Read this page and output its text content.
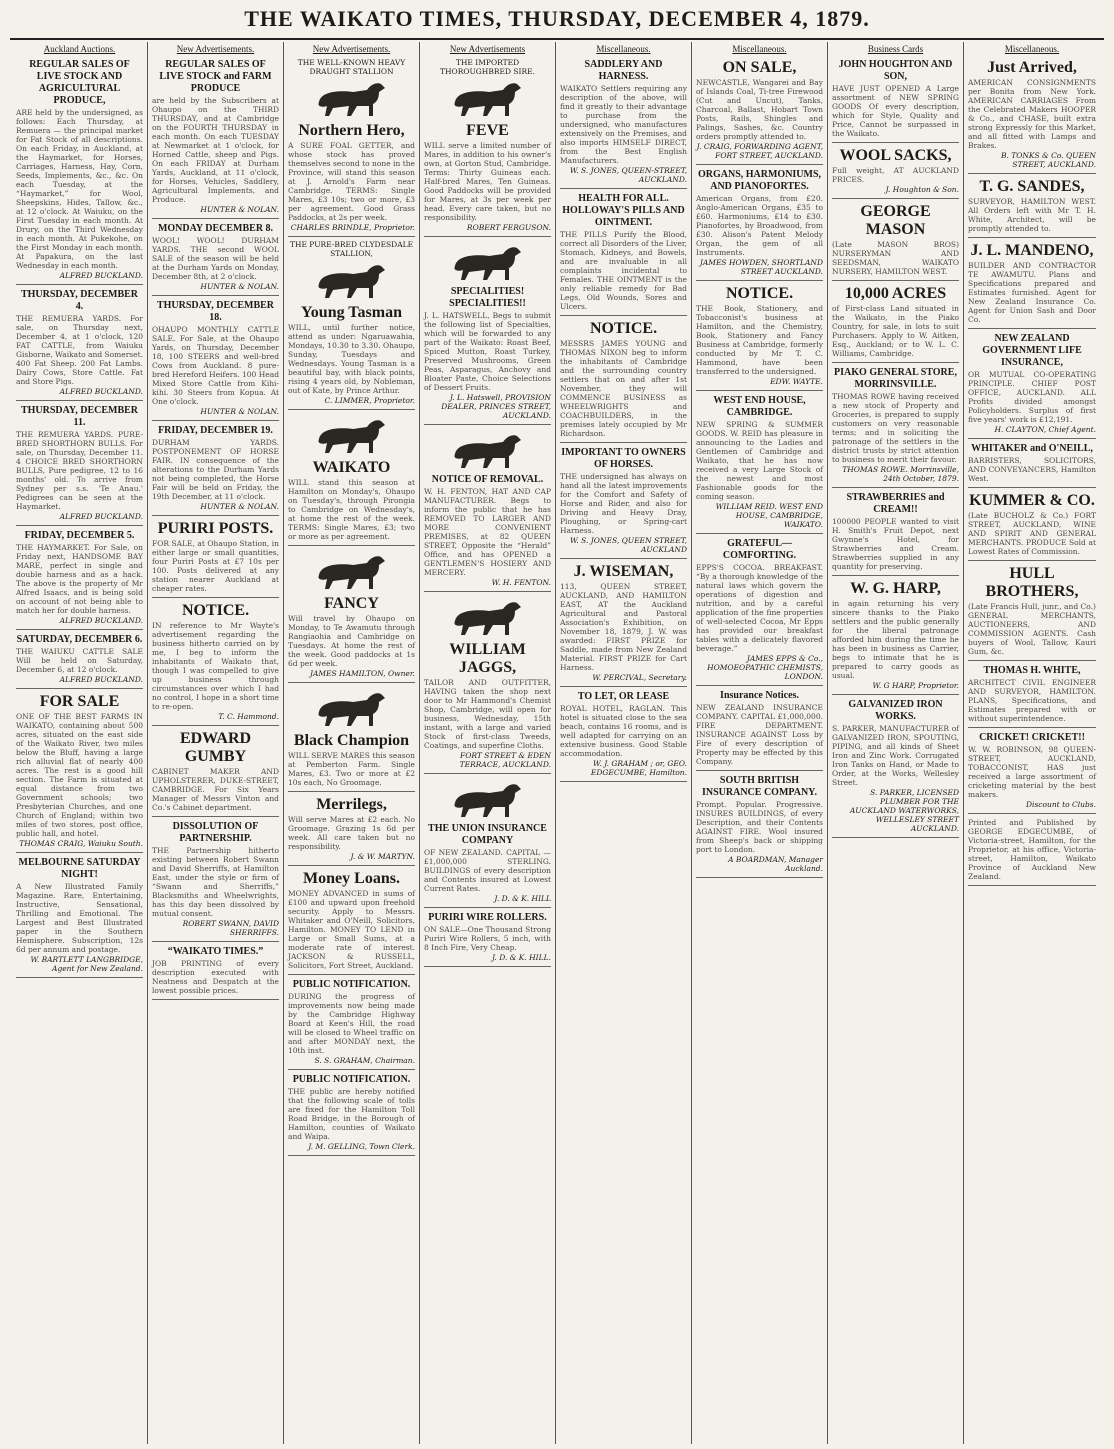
THE WAIKATO TIMES, THURSDAY, DECEMBER 4, 1879.
Auckland Auctions.
REGULAR SALES OF LIVE STOCK AND AGRICULTURAL PRODUCE,

ARE held by the undersigned, as follows: Each Thursday, at Remuera — the principal market for Fat Stock of all descriptions. On each Friday, in Auckland, at the Haymarket, for Horses, Carriages, Harness, Hay, Corn, Seeds, Implements, &c., &c. On each Tuesday, at the “Haymarket,” for Wool, Sheepskins, Hides, Tallow, &c., at 12 o'clock. At Waiuku, on the First Tuesday in each month. At Drury, on the Third Wednesday in each month. At Pukekohe, on the First Monday in each month. At Papakura, on the last Wednesday in each month.

ALFRED BUCKLAND.

THURSDAY, DECEMBER 4.

THE REMUERA YARDS. For sale, on Thursday next, December 4, at 1 o'clock, 120 FAT CATTLE, from Waiuku Gisborne, Waikato and Somerset. 400 Fat Sheep. 200 Fat Lambs. Dairy Cows, Store Cattle. Fat and Store Pigs.

ALFRED BUCKLAND.

THURSDAY, DECEMBER 11.

THE REMUERA YARDS. PURE-BRED SHORTHORN BULLS. For sale, on Thursday, December 11. 4 CHOICE BRED SHORTHORN BULLS, Pure pedigree, 12 to 16 months' old. To arrive from Sydney per s.s. 'Te Anau.' Pedigrees can be seen at the Haymarket.

ALFRED BUCKLAND.

FRIDAY, DECEMBER 5.

THE HAYMARKET. For Sale, on Friday next, HANDSOME BAY MARE, perfect in single and double harness and as a hack. The above is the property of Mr Alfred Isaacs, and is being sold on account of not being able to match her for double harness.

ALFRED BUCKLAND.

SATURDAY, DECEMBER 6.

THE WAIUKU CATTLE SALE Will be held on Saturday, December 6, at 12 o'clock.

ALFRED BUCKLAND.

FOR SALE

ONE OF THE BEST FARMS IN WAIKATO, containing about 500 acres, situated on the east side of the Waikato River, two miles below the Bluff, having a large rich alluvial flat of nearly 400 acres. The rest is a good hill section. The Farm is situated at equal distance from two Government schools; two Presbyterian Churches, and one Church of England; within two miles of two stores, post office, public hall, and hotel.

THOMAS CRAIG, Waiuku South.

MELBOURNE SATURDAY NIGHT!

A New Illustrated Family Magazine. Rare, Entertaining, Instructive, Sensational, Thrilling and Emotional. The Largest and Best Illustrated paper in the Southern Hemisphere. Subscription, 12s 6d per annum and postage.

W. BARTLETT LANGBRIDGE, Agent for New Zealand.

New Advertisements.
REGULAR SALES OF LIVE STOCK and FARM PRODUCE

are held by the Subscribers at Ohaupo on the THIRD THURSDAY, and at Cambridge on the FOURTH THURSDAY in each month. On each TUESDAY at Newmarket at 1 o'clock, for Horned Cattle, sheep and Pigs. On each FRIDAY at Durham Yards, Auckland, at 11 o'clock, for Horses, Vehicles, Saddlery, Agricultural Implements, and Produce.

HUNTER & NOLAN.

MONDAY DECEMBER 8.

WOOL! WOOL! DURHAM YARDS. THE second WOOL SALE of the season will be held at the Durham Yards on Monday, December 8th, at 2 o'clock.

HUNTER & NOLAN.

THURSDAY, DECEMBER 18.

OHAUPO MONTHLY CATTLE SALE. For Sale, at the Ohaupo Yards, on Thursday, December 18, 100 STEERS and well-bred Cows from Auckland. 8 pure-bred Hereford Heifers. 100 Head Mixed Store Cattle from Kihi-kihi. 30 Steers from Kopua. At One o'clock.

HUNTER & NOLAN.

FRIDAY, DECEMBER 19.

DURHAM YARDS. POSTPONEMENT OF HORSE FAIR. IN consequence of the alterations to the Durham Yards not being completed, the Horse Fair will be held on Friday, the 19th December, at 11 o'clock.

HUNTER & NOLAN.

PURIRI POSTS.

FOR SALE, at Ohaupo Station, in either large or small quantities, four Puriri Posts at £7 10s per 100. Posts delivered at any station nearer Auckland at cheaper rates.

NOTICE.

IN reference to Mr Wayte's advertisement regarding the business hitherto carried on by me, I beg to inform the inhabitants of Waikato that, though I was compelled to give up business through circumstances over which I had no control, I hope in a short time to re-open.

T. C. Hammond.

EDWARD GUMBY

CABINET MAKER AND UPHOLSTERER, DUKE-STREET, CAMBRIDGE. For Six Years Manager of Messrs Vinton and Co.'s Cabinet department.

DISSOLUTION OF PARTNERSHIP.

THE Partnership hitherto existing between Robert Swann and David Sherriffs, at Hamilton East, under the style or firm of “Swann and Sherriffs,” Blacksmiths and Wheelwrights, has this day been dissolved by mutual consent.

ROBERT SWANN, DAVID SHERRIFFS.

“WAIKATO TIMES.”

JOB PRINTING of every description executed with Neatness and Despatch at the lowest possible prices.

New Advertisements.
THE WELL-KNOWN HEAVY DRAUGHT STALLION
Northern Hero,

A SURE FOAL GETTER, and whose stock has proved themselves second to none in the Province, will stand this season at J. Arnold's Farm near Cambridge. TERMS: Single Mares, £3 10s; two or more, £3 per agreement. Good Grass Paddocks, at 2s per week.

CHARLES BRINDLE, Proprietor.

THE PURE-BRED CLYDESDALE STALLION,
Young Tasman

WILL, until further notice, attend as under: Ngaruawahia, Mondays, 10.30 to 3.30. Ohaupo, Sunday, Tuesdays and Wednesdays. Young Tasman is a beautiful bay, with black points, rising 4 years old, by Nobleman, out of Kate, by Prince Arthur.

C. LIMMER, Proprietor.

WAIKATO

WILL stand this season at Hamilton on Monday's, Ohaupo on Tuesday's, through Pirongia to Cambridge on Wednesday's, at home the rest of the week. TERMS: Single Mares, £3; two or more as per agreement.

FANCY

Will travel by Ohaupo on Monday, to Te Awamutu through Rangiaohia and Cambridge on Tuesdays. At home the rest of the week. Good paddocks at 1s 6d per week.

JAMES HAMILTON, Owner.

Black Champion

WILL SERVE MARES this season at Pemberton Farm. Single Mares, £3. Two or more at £2 10s each, No Groomage.

Merrilegs,

Will serve Mares at £2 each. No Groomage. Grazing 1s 6d per week. All care taken but no responsibility.

J. & W. MARTYN.

Money Loans.

MONEY ADVANCED in sums of £100 and upward upon freehold security. Apply to Messrs. Whitaker and O'Neill, Solicitors, Hamilton. MONEY TO LEND in Large or Small Sums, at a moderate rate of interest. JACKSON & RUSSELL, Solicitors, Fort Street, Auckland.

PUBLIC NOTIFICATION.

DURING the progress of improvements now being made by the Cambridge Highway Board at Keen's Hill, the road will be closed to Wheel traffic on and after MONDAY next, the 10th inst.

S. S. GRAHAM, Chairman.

PUBLIC NOTIFICATION.

THE public are hereby notified that the following scale of tolls are fixed for the Hamilton Toll Road Bridge, in the Borough of Hamilton, counties of Waikato and Waipa.

J. M. GELLING, Town Clerk.

New Advertisements
THE IMPORTED THOROUGHBRED SIRE.
FEVE

WILL serve a limited number of Mares, in addition to his owner's own, at Gorton Stud, Cambridge. Terms: Thirty Guineas each. Half-bred Mares, Ten Guineas. Good Paddocks will be provided for Mares, at 3s per week per head. Every care taken, but no responsibility.

ROBERT FERGUSON.

SPECIALITIES! SPECIALITIES!!

J. L. HATSWELL, Begs to submit the following list of Specialties, which will be forwarded to any part of the Waikato: Roast Beef, Spiced Mutton, Roast Turkey, Preserved Mushrooms, Green Peas, Asparagus, Anchovy and Bloater Paste, Choice Selections of Dessert Fruits.

J. L. Hatswell, PROVISION DEALER, PRINCES STREET, AUCKLAND.

NOTICE OF REMOVAL.

W. H. FENTON, HAT AND CAP MANUFACTURER. Begs to inform the public that he has REMOVED TO LARGER AND MORE CONVENIENT PREMISES, at 82 QUEEN STREET, Opposite the “Herald” Office, and has OPENED a GENTLEMEN'S HOSIERY AND MERCERY.

W. H. FENTON.

WILLIAM JAGGS,

TAILOR AND OUTFITTER, HAVING taken the shop next door to Mr Hammond's Chemist Shop, Cambridge, will open for business, Wednesday, 15th instant, with a large and varied Stock of first-class Tweeds, Coatings, and superfine Cloths.

FORT STREET & EDEN TERRACE, AUCKLAND.

THE UNION INSURANCE COMPANY

OF NEW ZEALAND. CAPITAL — £1,000,000 STERLING. BUILDINGS of every description and Contents insured at Lowest Current Rates.

J. D. & K. HILL

PURIRI WIRE ROLLERS.

ON SALE—One Thousand Strong Puriri Wire Rollers, 5 inch, with 8 Inch Fire, Very Cheap.

J. D. & K. HILL.

Miscellaneous.
SADDLERY AND HARNESS.

WAIKATO Settlers requiring any description of the above, will find it greatly to their advantage to purchase from the undersigned, who manufactures extensively on the Premises, and also imports HIMSELF DIRECT, from the Best English Manufacturers.

W. S. JONES, QUEEN-STREET, AUCKLAND.

HEALTH FOR ALL. HOLLOWAY'S PILLS AND OINTMENT.

THE PILLS Purify the Blood, correct all Disorders of the Liver, Stomach, Kidneys, and Bowels, and are invaluable in all complaints incidental to Females. THE OINTMENT is the only reliable remedy for Bad Legs, Old Wounds, Sores and Ulcers.

NOTICE.

MESSRS JAMES YOUNG and THOMAS NIXON beg to inform the inhabitants of Cambridge and the surrounding country settlers that on and after 1st November, they will COMMENCE BUSINESS as WHEELWRIGHTS and COACHBUILDERS, in the premises lately occupied by Mr Richardson.

IMPORTANT TO OWNERS OF HORSES.

THE undersigned has always on hand all the latest improvements for the Comfort and Safety of Horse and Rider, and also for Driving and Heavy Dray, Ploughing, or Spring-cart Harness.

W. S. JONES, QUEEN STREET, AUCKLAND

J. WISEMAN,

113, QUEEN STREET, AUCKLAND, AND HAMILTON EAST, AT the Auckland Agricultural and Pastoral Association's Exhibition, on November 18, 1879, J. W. was awarded: FIRST PRIZE for Saddle, made from New Zealand Material. FIRST PRIZE for Cart Harness.

W. PERCIVAL, Secretary.

TO LET, OR LEASE

ROYAL HOTEL, RAGLAN. This hotel is situated close to the sea beach, contains 16 rooms, and is well adapted for carrying on an extensive business. Good Stable accommodation.

W. J. GRAHAM ; or, GEO. EDGECUMBE, Hamilton.

Miscellaneous.
ON SALE,

NEWCASTLE, Wangarei and Bay of Islands Coal, Ti-tree Firewood (Cut and Uncut), Tanks, Charcoal, Ballast, Hobart Town Posts, Rails, Shingles and Palings, Sashes, &c. Country orders promptly attended to.

J. CRAIG, FORWARDING AGENT, FORT STREET, AUCKLAND.

ORGANS, HARMONIUMS, AND PIANOFORTES.

American Organs, from £20. Anglo-American Organs, £35 to £60. Harmoniums, £14 to £30. Pianofortes, by Broadwood, from £30. Alison's Patent Melody Organ, the gem of all Instruments.

JAMES HOWDEN, SHORTLAND STREET AUCKLAND.

NOTICE.

THE Book, Stationery, and Tobacconist's business at Hamilton, and the Chemistry, Book, Stationery and Fancy Business at Cambridge, formerly conducted by Mr T. C. Hammond, have been transferred to the undersigned.

EDW. WAYTE.

WEST END HOUSE, CAMBRIDGE.

NEW SPRING & SUMMER GOODS. W. REID has pleasure in announcing to the Ladies and Gentlemen of Cambridge and Waikato, that he has now received a very Large Stock of the newest and most Fashionable goods for the coming season.

WILLIAM REID. WEST END HOUSE, CAMBRIDGE, WAIKATO.

GRATEFUL—COMFORTING.

EPPS'S COCOA. BREAKFAST. “By a thorough knowledge of the natural laws which govern the operations of digestion and nutrition, and by a careful application of the fine properties of well-selected Cocoa, Mr Epps has provided our breakfast tables with a delicately flavored beverage.”

JAMES EPPS & Co., HOMOEOPATHIC CHEMISTS, LONDON.

Insurance Notices.

NEW ZEALAND INSURANCE COMPANY. CAPITAL £1,000,000. FIRE DEPARTMENT. INSURANCE AGAINST Loss by Fire of every description of Property may be effected by this Company.

SOUTH BRITISH INSURANCE COMPANY.

Prompt. Popular. Progressive. INSURES BUILDINGS, of every Description, and their Contents AGAINST FIRE. Wool insured from Sheep's back or shipping port to London.

A BOARDMAN, Manager Auckland.

Business Cards
JOHN HOUGHTON AND SON,

HAVE JUST OPENED A Large assortment of NEW SPRING GOODS Of every description, which for Style, Quality and Price, Cannot be surpassed in the Waikato.

WOOL SACKS,

Full weight, AT AUCKLAND PRICES.

J. Houghton & Son.

GEORGE MASON

(Late MASON BROS) NURSERYMAN AND SEEDSMAN, WAIKATO NURSERY, HAMILTON WEST.

10,000 ACRES

of First-class Land situated in the Waikato, in the Piako Country, for sale, in lots to suit Purchasers. Apply to W. Aitken, Esq., Auckland; or to W. L. C. Williams, Cambridge.

PIAKO GENERAL STORE, MORRINSVILLE.

THOMAS ROWE having received a new stock of Property and Groceries, is prepared to supply customers on very reasonable terms; and in soliciting the patronage of the settlers in the district trusts by strict attention to business to merit their favour.

THOMAS ROWE. Morrinsville, 24th October, 1879.

STRAWBERRIES and CREAM!!

100000 PEOPLE wanted to visit H. Smith's Fruit Depot, next Gwynne's Hotel, for Strawberries and Cream. Strawberries supplied in any quantity for preserving.

W. G. HARP,

in again returning his very sincere thanks to the Piako settlers and the public generally for the liberal patronage afforded him during the time he has been in business as Carrier, begs to intimate that he is prepared to carry goods as usual.

W. G HARP, Proprietor.

GALVANIZED IRON WORKS.

S. PARKER, MANUFACTURER of GALVANIZED IRON, SPOUTING, PIPING, and all kinds of Sheet Iron and Zinc Work. Corrugated Iron Tanks on Hand, or Made to Order, at the Works, Wellesley Street.

S. PARKER, LICENSED PLUMBER FOR THE AUCKLAND WATERWORKS, WELLESLEY STREET AUCKLAND.

Miscellaneous.
Just Arrived,

AMERICAN CONSIGNMENTS per Bonita from New York. AMERICAN CARRIAGES From the Celebrated Makers HOOPER & Co., and CHASE, built extra strong Expressly for this Market, and all fitted with Lamps and Brakes.

B. TONKS & Co. QUEEN STREET, AUCKLAND.

T. G. SANDES,

SURVEYOR, HAMILTON WEST. All Orders left with Mr T. H. White, Architect, will be promptly attended to.

J. L. MANDENO,

BUILDER AND CONTRACTOR TE AWAMUTU. Plans and Specifications prepared and Estimates furnished. Agent for New Zealand Insurance Co. Agent for Union Sash and Door Co.

NEW ZEALAND GOVERNMENT LIFE INSURANCE,

OR MUTUAL CO-OPERATING PRINCIPLE. CHIEF POST OFFICE, AUCKLAND. ALL Profits divided amongst Policyholders. Surplus of first five years' work is £12,191.

H. CLAYTON, Chief Agent.

WHITAKER and O'NEILL,

BARRISTERS, SOLICITORS, AND CONVEYANCERS, Hamilton West.

KUMMER & CO.

(Late BUCHOLZ & Co.) FORT STREET, AUCKLAND, WINE AND SPIRIT AND GENERAL MERCHANTS. PRODUCE Sold at Lowest Rates of Commission.

HULL BROTHERS,

(Late Francis Hull, junr., and Co.) GENERAL MERCHANTS, AUCTIONEERS, AND COMMISSION AGENTS. Cash buyers of Wool, Tallow, Kauri Gum, &c.

THOMAS H. WHITE,

ARCHITECT CIVIL ENGINEER AND SURVEYOR, HAMILTON. PLANS, Specifications, and Estimates prepared with or without superintendence.

CRICKET! CRICKET!!

W. W. ROBINSON, 98 QUEEN-STREET, AUCKLAND, TOBACCONIST, HAS just received a large assortment of cricketing material by the best makers.

Discount to Clubs.

Printed and Published by GEORGE EDGECUMBE, of Victoria-street, Hamilton, for the Proprietor, at his office, Victoria-street, Hamilton, Waikato Province of Auckland New Zealand.
